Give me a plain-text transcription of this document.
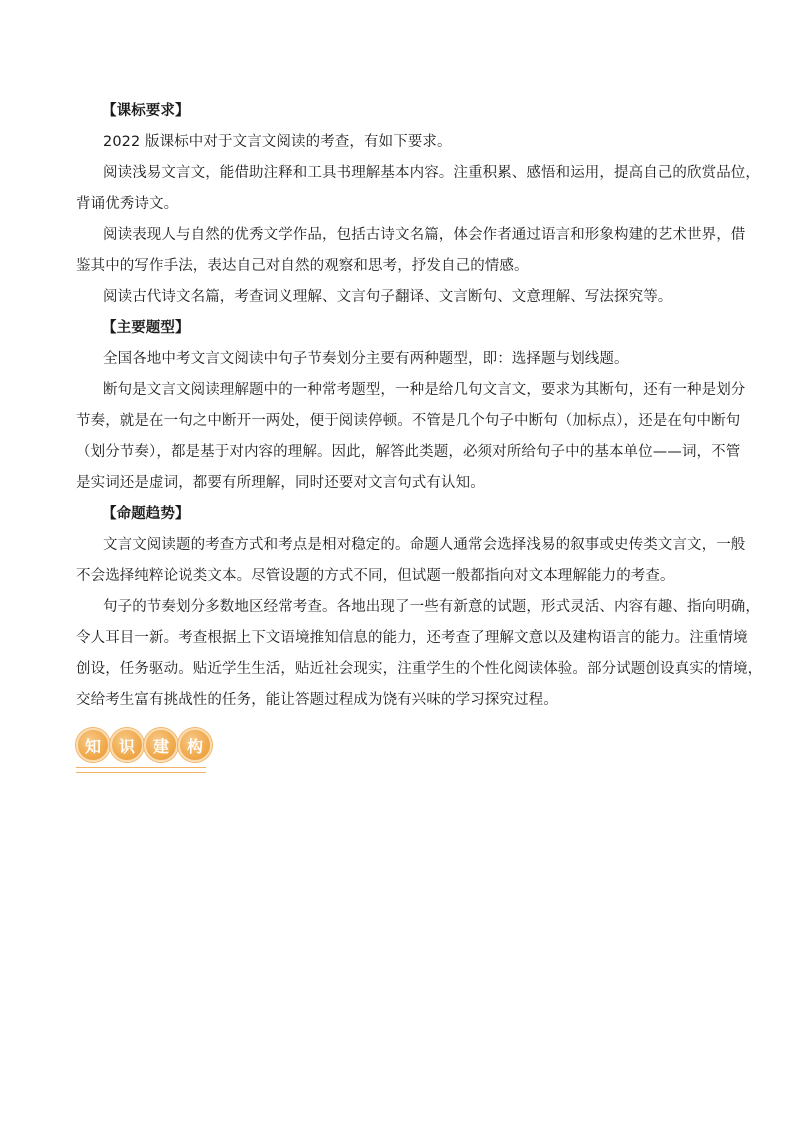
【课标要求】
2022 版课标中对于文言文阅读的考查，有如下要求。
阅读浅易文言文，能借助注释和工具书理解基本内容。注重积累、感悟和运用，提高自己的欣赏品位，
背诵优秀诗文。
阅读表现人与自然的优秀文学作品，包括古诗文名篇，体会作者通过语言和形象构建的艺术世界，借
鉴其中的写作手法，表达自己对自然的观察和思考，抒发自己的情感。
阅读古代诗文名篇，考查词义理解、文言句子翻译、文言断句、文意理解、写法探究等。
【主要题型】
全国各地中考文言文阅读中句子节奏划分主要有两种题型，即：选择题与划线题。
断句是文言文阅读理解题中的一种常考题型，一种是给几句文言文，要求为其断句，还有一种是划分
节奏，就是在一句之中断开一两处，便于阅读停顿。不管是几个句子中断句（加标点），还是在句中断句
（划分节奏），都是基于对内容的理解。因此，解答此类题，必须对所给句子中的基本单位——词，不管
是实词还是虚词，都要有所理解，同时还要对文言句式有认知。
【命题趋势】
文言文阅读题的考查方式和考点是相对稳定的。命题人通常会选择浅易的叙事或史传类文言文，一般
不会选择纯粹论说类文本。尽管设题的方式不同，但试题一般都指向对文本理解能力的考查。
句子的节奏划分多数地区经常考查。各地出现了一些有新意的试题，形式灵活、内容有趣、指向明确，
令人耳目一新。考查根据上下文语境推知信息的能力，还考查了理解文意以及建构语言的能力。注重情境
创设，任务驱动。贴近学生生活，贴近社会现实，注重学生的个性化阅读体验。部分试题创设真实的情境，
交给考生富有挑战性的任务，能让答题过程成为饶有兴味的学习探究过程。
知	识	建	构
